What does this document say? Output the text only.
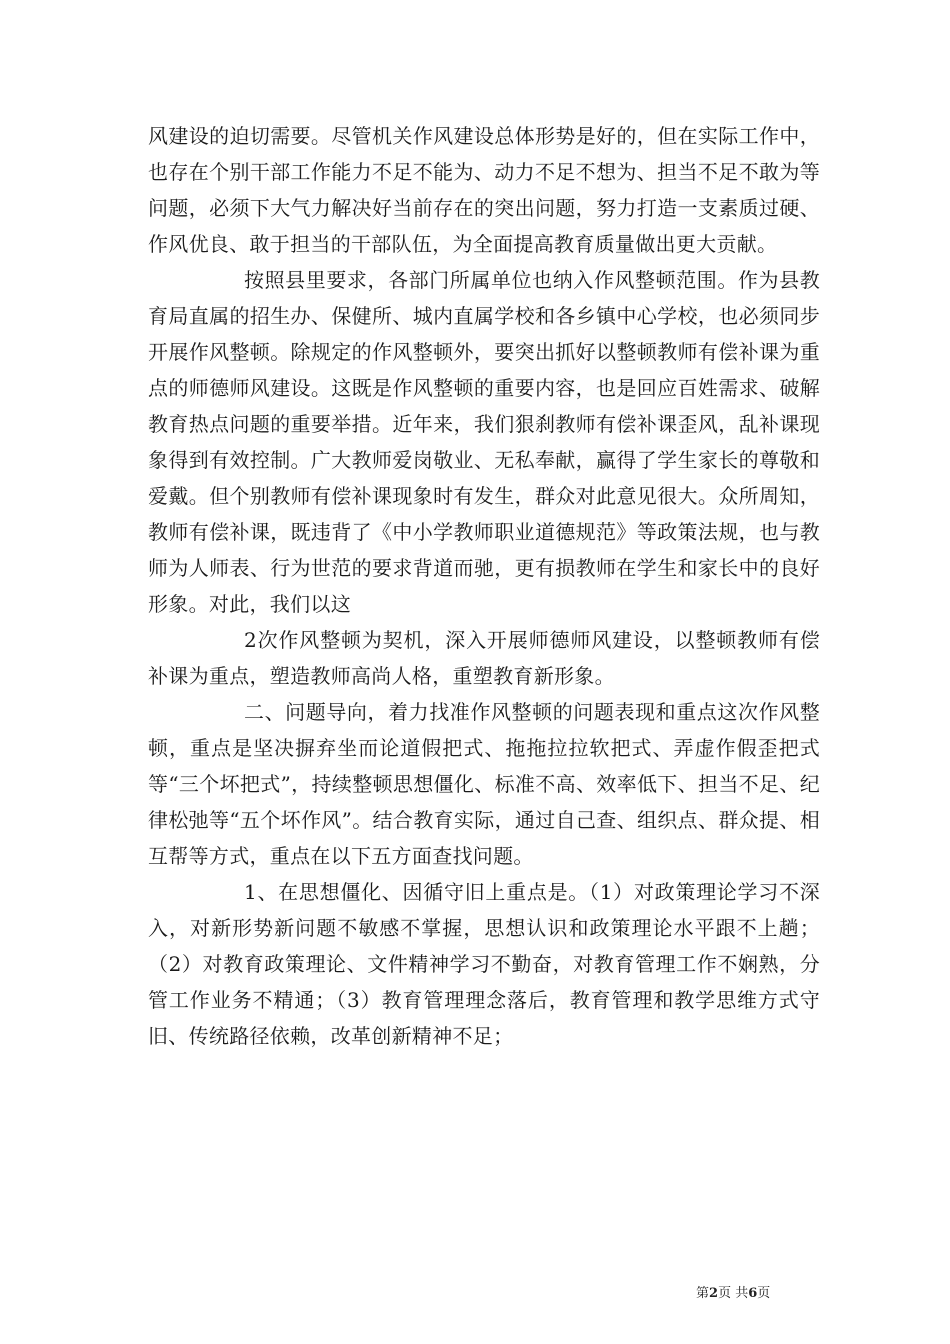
风建设的迫切需要。尽管机关作风建设总体形势是好的，但在实际工作中，也存在个别干部工作能力不足不能为、动力不足不想为、担当不足不敢为等问题，必须下大气力解决好当前存在的突出问题，努力打造一支素质过硬、作风优良、敢于担当的干部队伍，为全面提高教育质量做出更大贡献。

按照县里要求，各部门所属单位也纳入作风整顿范围。作为县教育局直属的招生办、保健所、城内直属学校和各乡镇中心学校，也必须同步开展作风整顿。除规定的作风整顿外，要突出抓好以整顿教师有偿补课为重点的师德师风建设。这既是作风整顿的重要内容，也是回应百姓需求、破解教育热点问题的重要举措。近年来，我们狠刹教师有偿补课歪风，乱补课现象得到有效控制。广大教师爱岗敬业、无私奉献，赢得了学生家长的尊敬和爱戴。但个别教师有偿补课现象时有发生，群众对此意见很大。众所周知，教师有偿补课，既违背了《中小学教师职业道德规范》等政策法规，也与教师为人师表、行为世范的要求背道而驰，更有损教师在学生和家长中的良好形象。对此，我们以这

2次作风整顿为契机，深入开展师德师风建设，以整顿教师有偿补课为重点，塑造教师高尚人格，重塑教育新形象。

二、问题导向，着力找准作风整顿的问题表现和重点这次作风整顿，重点是坚决摒弃坐而论道假把式、拖拖拉拉软把式、弄虚作假歪把式等“三个坏把式”，持续整顿思想僵化、标准不高、效率低下、担当不足、纪律松弛等“五个坏作风”。结合教育实际，通过自己查、组织点、群众提、相互帮等方式，重点在以下五方面查找问题。

1、在思想僵化、因循守旧上重点是。（1）对政策理论学习不深入，对新形势新问题不敏感不掌握，思想认识和政策理论水平跟不上趟；（2）对教育政策理论、文件精神学习不勤奋，对教育管理工作不娴熟，分管工作业务不精通；（3）教育管理理念落后，教育管理和教学思维方式守旧、传统路径依赖，改革创新精神不足；

第2页 共6页
